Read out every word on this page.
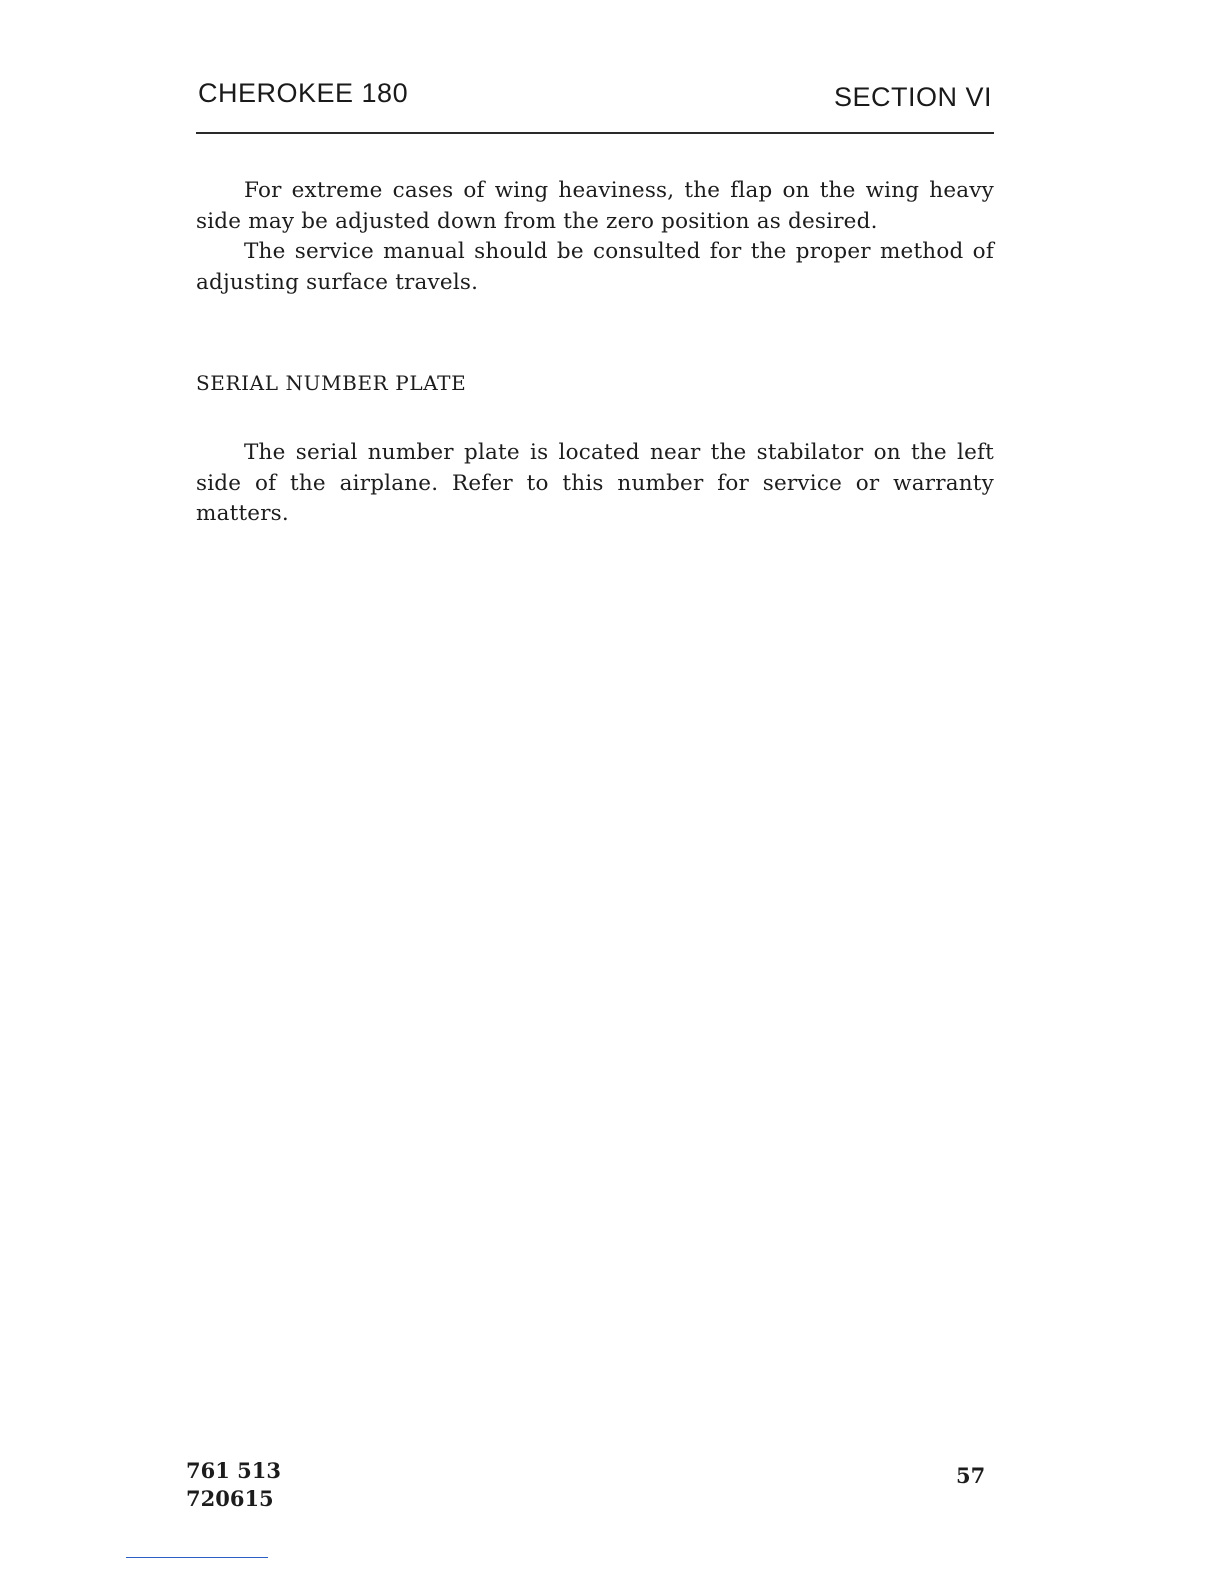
CHEROKEE 180	SECTION VI

For extreme cases of wing heaviness, the flap on the wing heavy side may be adjusted down from the zero position as desired.

The service manual should be consulted for the proper method of adjusting surface travels.

SERIAL NUMBER PLATE

The serial number plate is located near the stabilator on the left side of the airplane. Refer to this number for service or warranty matters.

761 513
720615
57
